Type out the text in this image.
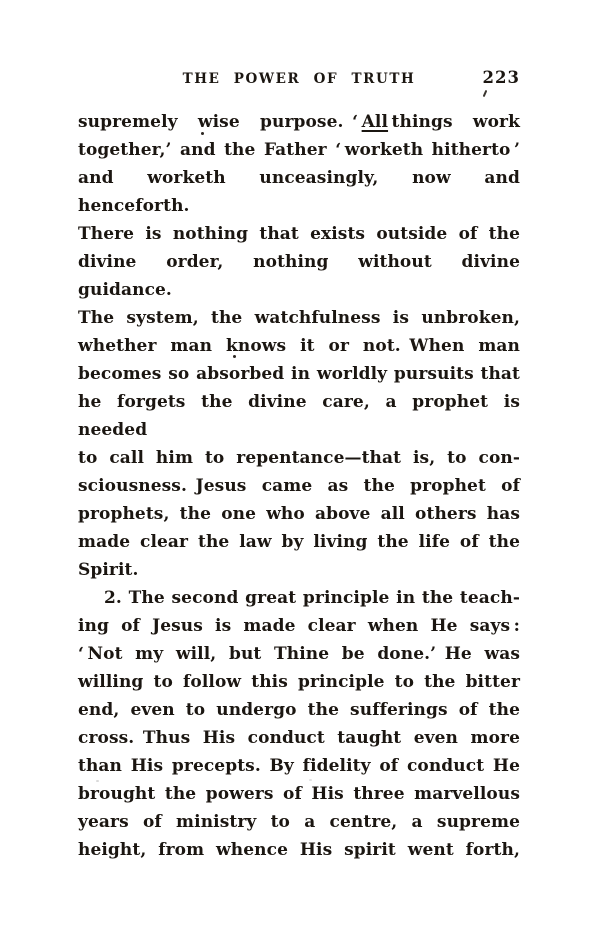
THE POWER OF TRUTH	223

supremely wise purpose. ‘ All things work

together,’ and the Father ‘ worketh hitherto ’

and worketh unceasingly, now and henceforth.

There is nothing that exists outside of the

divine order, nothing without divine guidance.

The system, the watchfulness is unbroken,

whether man knows it or not. When man

becomes so absorbed in worldly pursuits that

he forgets the divine care, a prophet is needed

to call him to repentance—that is, to con-

sciousness. Jesus came as the prophet of

prophets, the one who above all others has

made clear the law by living the life of the

Spirit.

2. The second great principle in the teach-

ing of Jesus is made clear when He says :

‘ Not my will, but Thine be done.’ He was

willing to follow this principle to the bitter

end, even to undergo the sufferings of the

cross. Thus His conduct taught even more

than His precepts. By fidelity of conduct He

brought the powers of His three marvellous

years of ministry to a centre, a supreme

height, from whence His spirit went forth,
